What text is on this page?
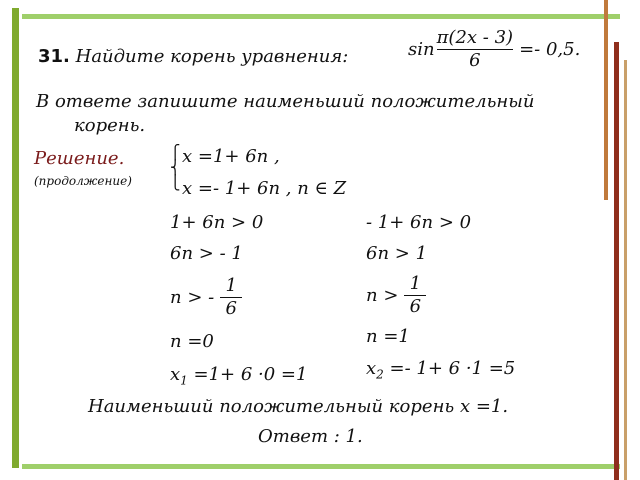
31. Найдите корень уравнения:	$\sin \frac{\pi(2x - 3)}{6} =- 0,5$.
В ответе запишите наименьший положительный
корень.
Решение.
(продолжение)
⎧
⎨
⎩
x =1+ 6n ,
x =- 1+ 6n , n ∈ Z
1+ 6n > 0
6n > - 1
n > - $\frac{1}{6}$
n =0
$x_1 =1+ 6 \cdot 0 =1$
- 1+ 6n > 0
6n > 1
$n > \frac{1}{6}$
n =1
$x_2 =- 1+ 6 \cdot 1 =5$
Наименьший положительный корень x =1.
Ответ : 1.
